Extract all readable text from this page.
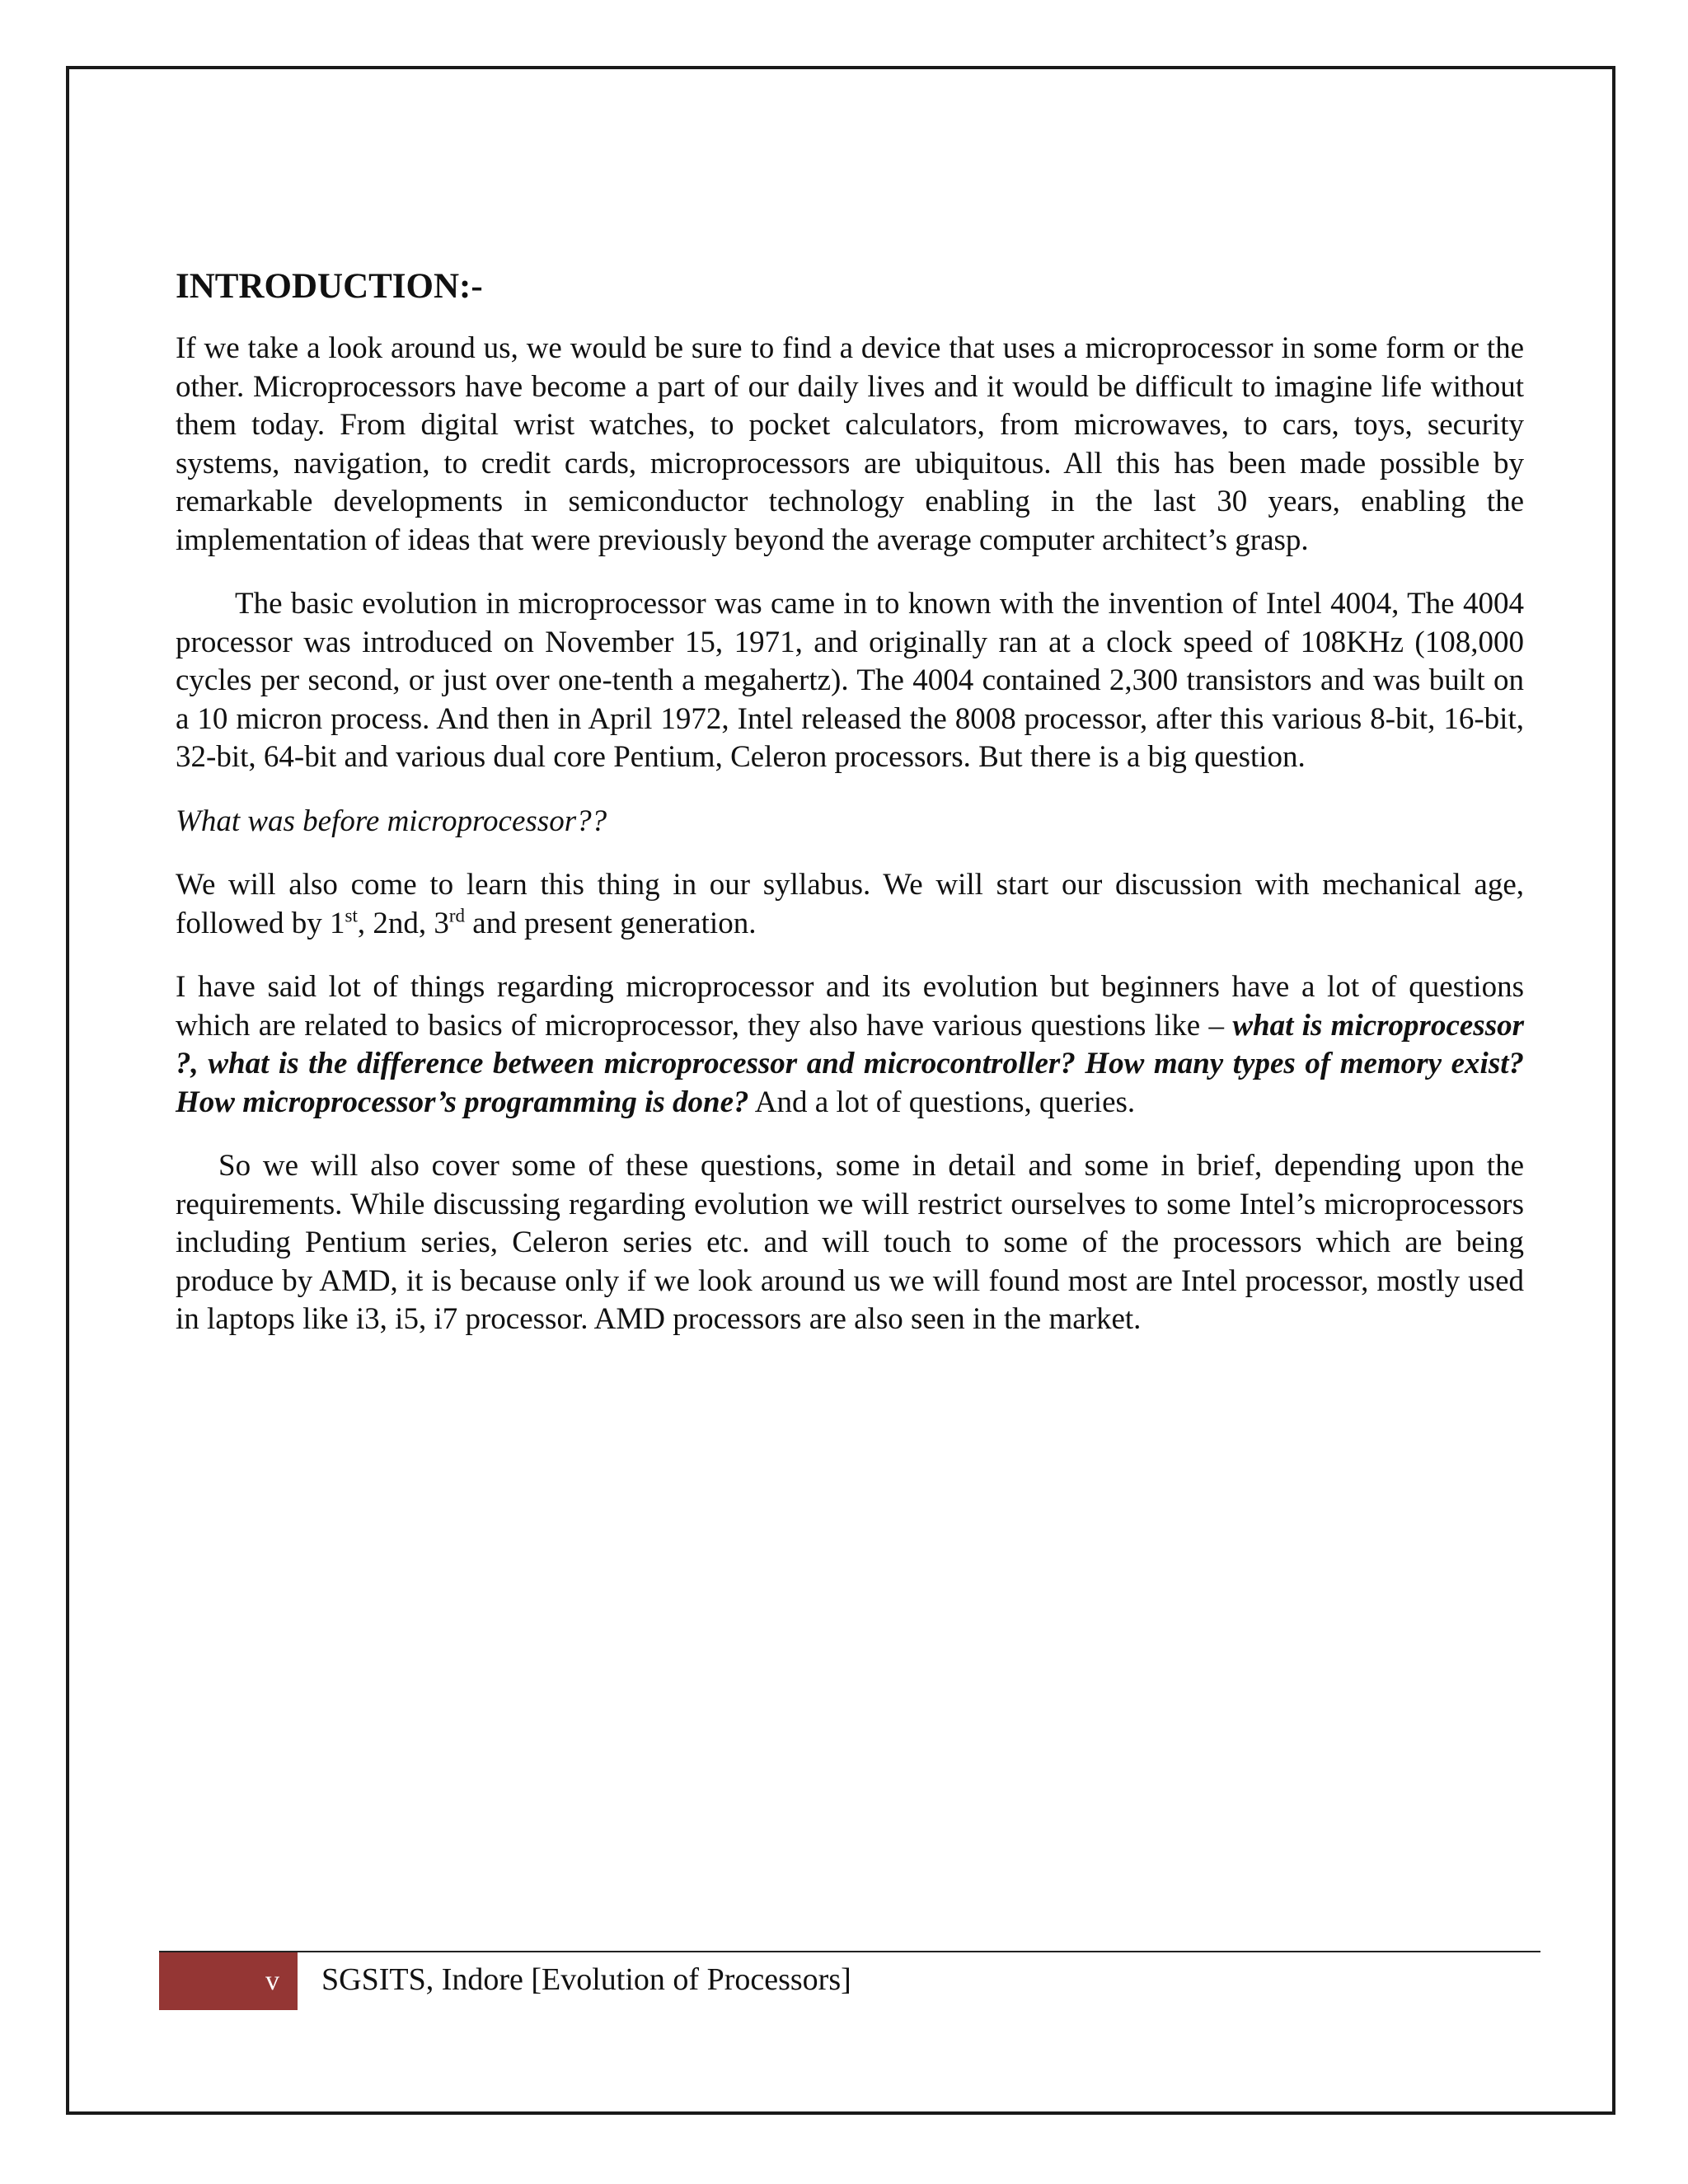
INTRODUCTION:-

If we take a look around us, we would be sure to find a device that uses a microprocessor in some form or the other. Microprocessors have become a part of our daily lives and it would be difficult to imagine life without them today. From digital wrist watches, to pocket calculators, from microwaves, to cars, toys, security systems, navigation, to credit cards, microprocessors are ubiquitous. All this has been made possible by remarkable developments in semiconductor technology enabling in the last 30 years, enabling the implementation of ideas that were previously beyond the average computer architect’s grasp.

The basic evolution in microprocessor was came in to known with the invention of Intel 4004, The 4004 processor was introduced on November 15, 1971, and originally ran at a clock speed of 108KHz (108,000 cycles per second, or just over one-tenth a megahertz). The 4004 contained 2,300 transistors and was built on a 10 micron process. And then in April 1972, Intel released the 8008 processor, after this various 8-bit, 16-bit, 32-bit, 64-bit and various dual core Pentium, Celeron processors. But there is a big question.

What was before microprocessor??

We will also come to learn this thing in our syllabus. We will start our discussion with mechanical age, followed by 1st, 2nd, 3rd and present generation.

I have said lot of things regarding microprocessor and its evolution but beginners have a lot of questions which are related to basics of microprocessor, they also have various questions like – what is microprocessor ?, what is the difference between microprocessor and microcontroller? How many types of memory exist? How microprocessor’s programming is done? And a lot of questions, queries.

So we will also cover some of these questions, some in detail and some in brief, depending upon the requirements. While discussing regarding evolution we will restrict ourselves to some Intel’s microprocessors including Pentium series, Celeron series etc. and will touch to some of the processors which are being produce by AMD, it is because only if we look around us we will found most are Intel processor, mostly used in laptops like i3, i5, i7 processor. AMD processors are also seen in the market.

v	SGSITS, Indore [Evolution of Processors]
